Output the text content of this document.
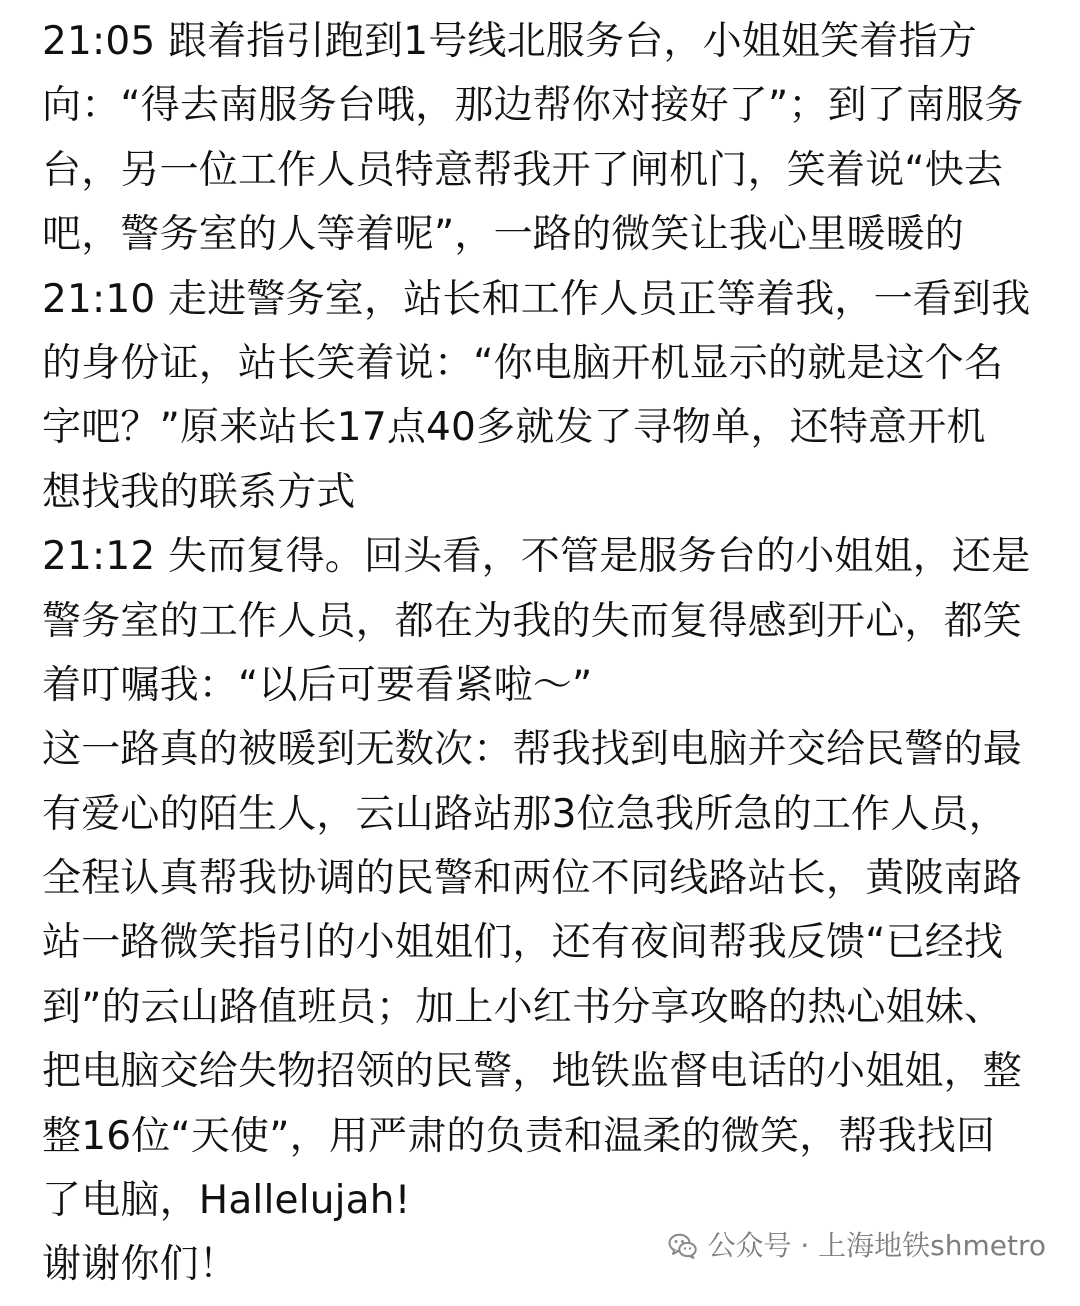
21:05 跟着指引跑到1号线北服务台，小姐姐笑着指方
向：“得去南服务台哦，那边帮你对接好了”；到了南服务
台，另一位工作人员特意帮我开了闸机门，笑着说“快去
吧，警务室的人等着呢”，一路的微笑让我心里暖暖的
21:10 走进警务室，站长和工作人员正等着我，一看到我
的身份证，站长笑着说：“你电脑开机显示的就是这个名
字吧？”原来站长17点40多就发了寻物单，还特意开机
想找我的联系方式
21:12 失而复得。回头看，不管是服务台的小姐姐，还是
警务室的工作人员，都在为我的失而复得感到开心，都笑
着叮嘱我：“以后可要看紧啦～”
这一路真的被暖到无数次：帮我找到电脑并交给民警的最
有爱心的陌生人，云山路站那3位急我所急的工作人员，
全程认真帮我协调的民警和两位不同线路站长，黄陂南路
站一路微笑指引的小姐姐们，还有夜间帮我反馈“已经找
到”的云山路值班员；加上小红书分享攻略的热心姐妹、
把电脑交给失物招领的民警，地铁监督电话的小姐姐，整
整16位“天使”，用严肃的负责和温柔的微笑，帮我找回
了电脑，Hallelujah!
谢谢你们！	公众号 · 上海地铁shmetro
